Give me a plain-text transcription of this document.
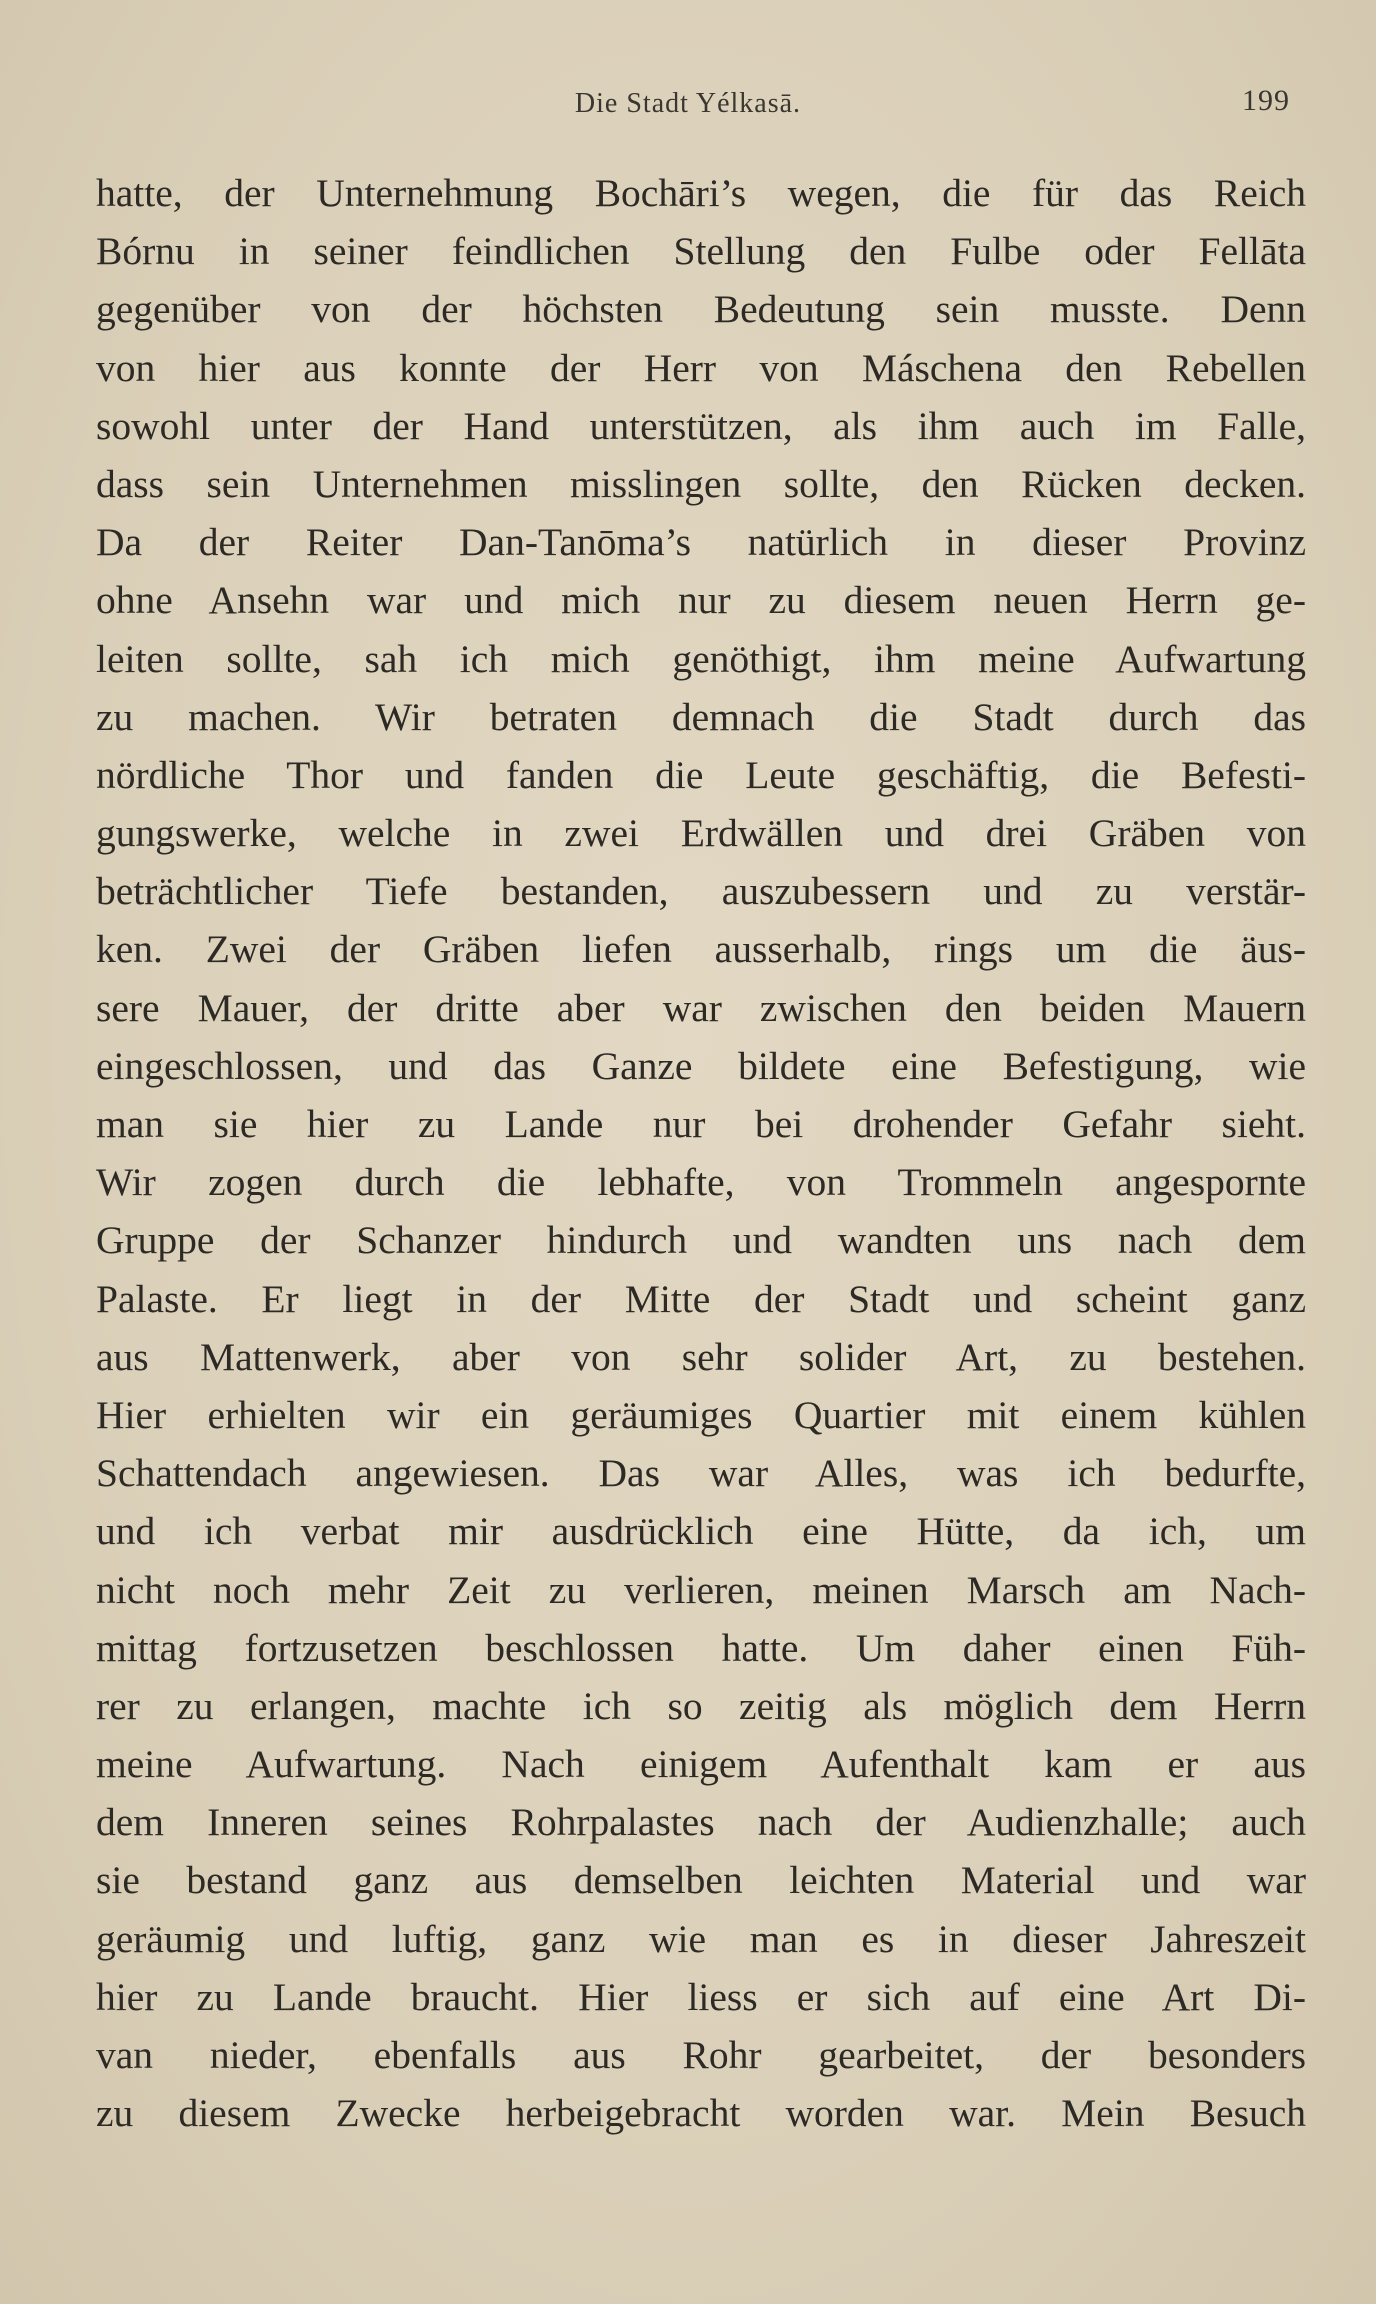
Die Stadt Yélkasā.	199
hatte, der Unternehmung Bochāri’s wegen, die für das Reich
Bórnu in seiner feindlichen Stellung den Fulbe oder Fellāta
gegenüber von der höchsten Bedeutung sein musste. Denn
von hier aus konnte der Herr von Máschena den Rebellen
sowohl unter der Hand unterstützen, als ihm auch im Falle,
dass sein Unternehmen misslingen sollte, den Rücken decken.
Da der Reiter Dan-Tanōma’s natürlich in dieser Provinz
ohne Ansehn war und mich nur zu diesem neuen Herrn ge-
leiten sollte, sah ich mich genöthigt, ihm meine Aufwartung
zu machen. Wir betraten demnach die Stadt durch das
nördliche Thor und fanden die Leute geschäftig, die Befesti-
gungswerke, welche in zwei Erdwällen und drei Gräben von
beträchtlicher Tiefe bestanden, auszubessern und zu verstär-
ken. Zwei der Gräben liefen ausserhalb, rings um die äus-
sere Mauer, der dritte aber war zwischen den beiden Mauern
eingeschlossen, und das Ganze bildete eine Befestigung, wie
man sie hier zu Lande nur bei drohender Gefahr sieht.
Wir zogen durch die lebhafte, von Trommeln angespornte
Gruppe der Schanzer hindurch und wandten uns nach dem
Palaste. Er liegt in der Mitte der Stadt und scheint ganz
aus Mattenwerk, aber von sehr solider Art, zu bestehen.
Hier erhielten wir ein geräumiges Quartier mit einem kühlen
Schattendach angewiesen. Das war Alles, was ich bedurfte,
und ich verbat mir ausdrücklich eine Hütte, da ich, um
nicht noch mehr Zeit zu verlieren, meinen Marsch am Nach-
mittag fortzusetzen beschlossen hatte. Um daher einen Füh-
rer zu erlangen, machte ich so zeitig als möglich dem Herrn
meine Aufwartung. Nach einigem Aufenthalt kam er aus
dem Inneren seines Rohrpalastes nach der Audienzhalle; auch
sie bestand ganz aus demselben leichten Material und war
geräumig und luftig, ganz wie man es in dieser Jahreszeit
hier zu Lande braucht. Hier liess er sich auf eine Art Di-
van nieder, ebenfalls aus Rohr gearbeitet, der besonders
zu diesem Zwecke herbeigebracht worden war. Mein Besuch
